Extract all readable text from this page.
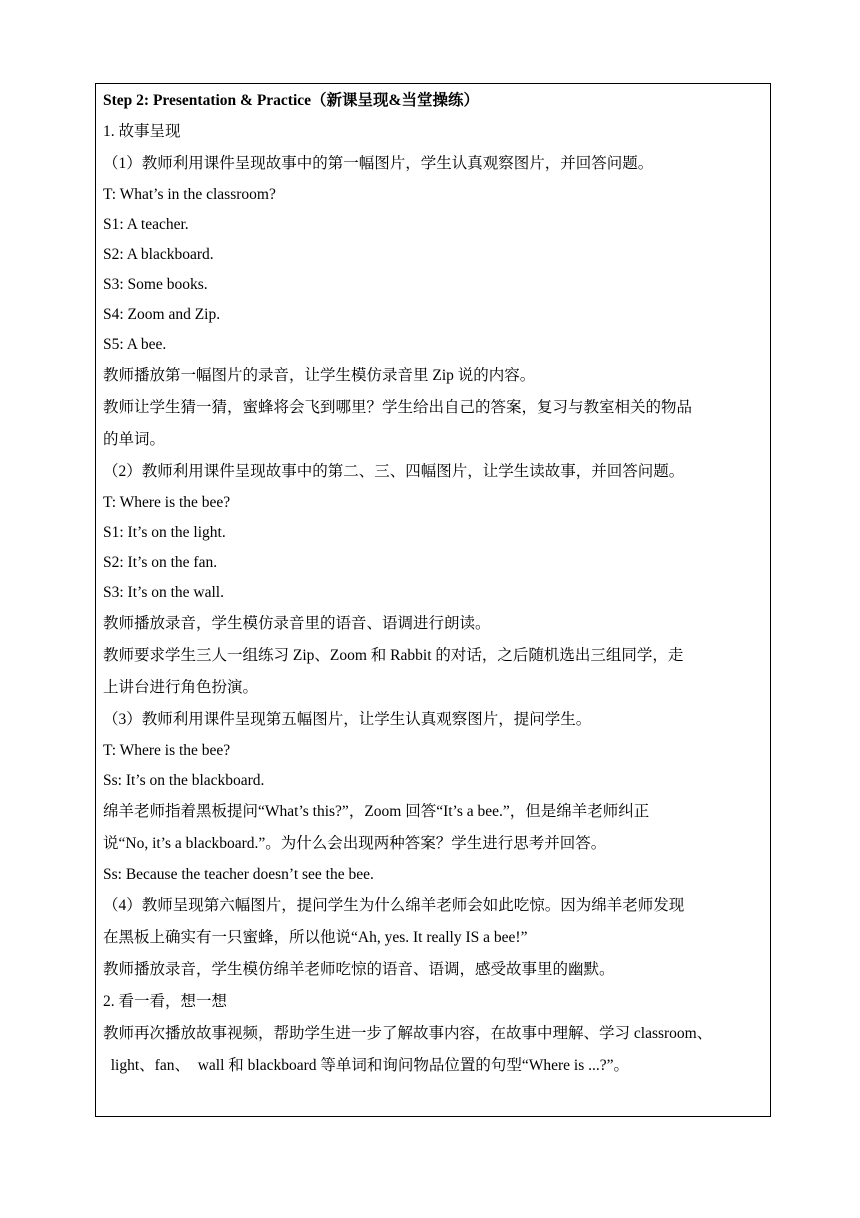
Step 2: Presentation & Practice（新课呈现&当堂操练）
1. 故事呈现
（1）教师利用课件呈现故事中的第一幅图片，学生认真观察图片，并回答问题。
T: What’s in the classroom?
S1: A teacher.
S2: A blackboard.
S3: Some books.
S4: Zoom and Zip.
S5: A bee.
教师播放第一幅图片的录音，让学生模仿录音里 Zip 说的内容。
教师让学生猜一猜，蜜蜂将会飞到哪里？学生给出自己的答案，复习与教室相关的物品
的单词。
（2）教师利用课件呈现故事中的第二、三、四幅图片，让学生读故事，并回答问题。
T: Where is the bee?
S1: It’s on the light.
S2: It’s on the fan.
S3: It’s on the wall.
教师播放录音，学生模仿录音里的语音、语调进行朗读。
教师要求学生三人一组练习 Zip、Zoom 和 Rabbit 的对话，之后随机选出三组同学，走
上讲台进行角色扮演。
（3）教师利用课件呈现第五幅图片，让学生认真观察图片，提问学生。
T: Where is the bee?
Ss: It’s on the blackboard.
绵羊老师指着黑板提问“What’s this?”，Zoom 回答“It’s a bee.”，但是绵羊老师纠正
说“No, it’s a blackboard.”。为什么会出现两种答案？学生进行思考并回答。
Ss: Because the teacher doesn’t see the bee.
（4）教师呈现第六幅图片，提问学生为什么绵羊老师会如此吃惊。因为绵羊老师发现
在黑板上确实有一只蜜蜂，所以他说“Ah, yes. It really IS a bee!”
教师播放录音，学生模仿绵羊老师吃惊的语音、语调，感受故事里的幽默。
2. 看一看，想一想
教师再次播放故事视频，帮助学生进一步了解故事内容，在故事中理解、学习 classroom、
light、fan、  wall 和 blackboard 等单词和询问物品位置的句型“Where is ...?”。
